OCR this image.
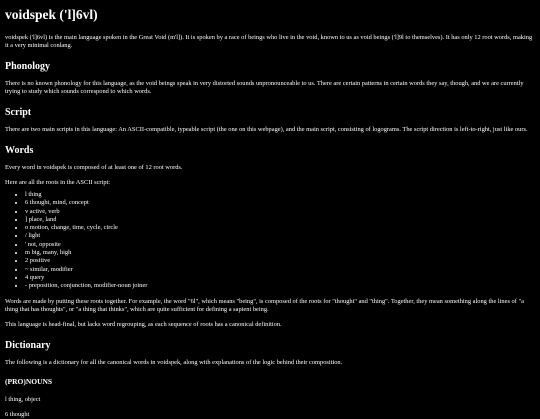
voidspek ('l]6vl)

voidspek ('l]6vl) is the main language spoken in the Great Void (m'l]). It is spoken by a race of beings who live in the void, known to us as void beings ('l]9l to themselves). It has only 12 root words, making it a very minimal conlang.

Phonology

There is no known phonology for this language, as the void beings speak in very distorted sounds unpronounceable to us. There are certain patterns in certain words they say, though, and we are currently trying to study which sounds correspond to which words.

Script

There are two main scripts in this language: An ASCII-compatible, typeable script (the one on this webpage), and the main script, consisting of logograms. The script direction is left-to-right, just like ours.

Words

Every word in voidspek is composed of at least one of 12 root words.

Here are all the roots in the ASCII script:

• l thing
• 6 thought, mind, concept
• v active, verb
• ] place, land
• o motion, change, time, cycle, circle
• / light
• ' not, opposite
• m big, many, high
• 2 positive
• ~ similar, modifier
• 4 query
• - preposition, conjunction, modifier-noun joiner

Words are made by putting these roots together. For example, the word "6l", which means "being", is composed of the roots for "thought" and "thing". Together, they mean something along the lines of "a thing that has thoughts", or "a thing that thinks", which are quite sufficient for defining a sapient being.

This language is head-final, but lacks word regrouping, as each sequence of roots has a canonical definition.

Dictionary

The following is a dictionary for all the canonical words in voidspek, along with explanations of the logic behind their composition.

(PRO)NOUNS

l thing, object

6 thought
